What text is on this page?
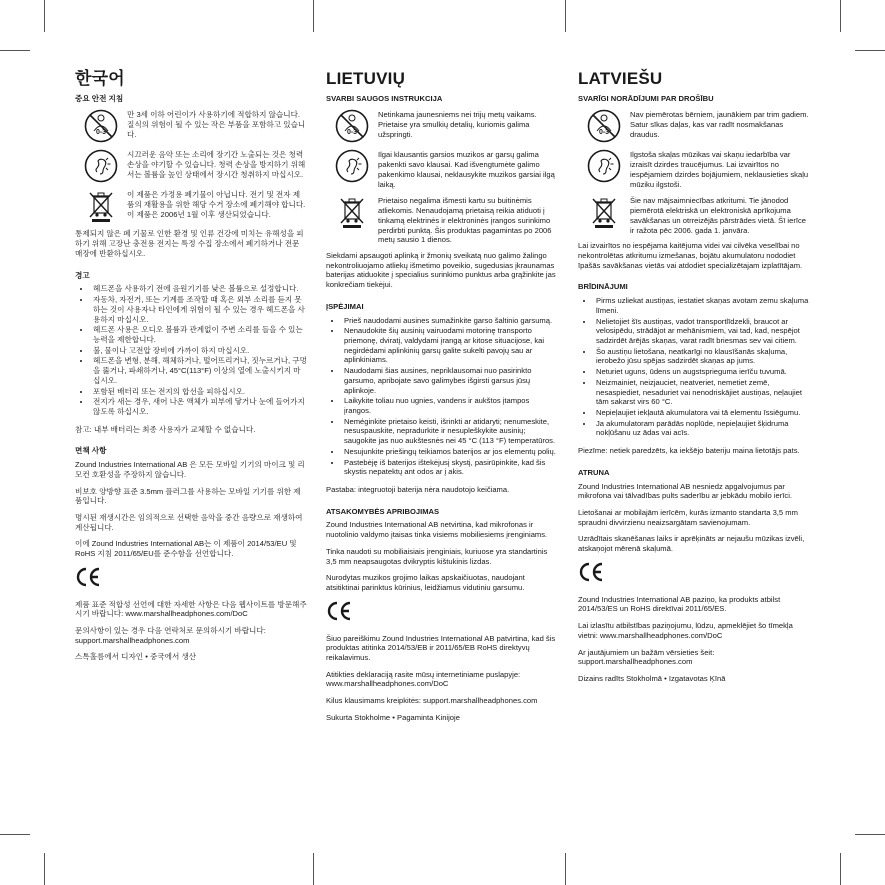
한국어
중요 안전 지침
0-3
만 3세 이하 어린이가 사용하기에 적합하지 않습니다. 질식의 위험이 될 수 있는 작은 부품을 포함하고 있습니다.
시끄러운 음악 또는 소리에 장기간 노출되는 것은 청력 손상을 야기할 수 있습니다. 청력 손상을 방지하기 위해서는 볼륨을 높인 상태에서 장시간 청취하지 마십시오.
이 제품은 가정용 폐기물이 아닙니다. 전기 및 전자 제품의 재활용을 위한 해당 수거 장소에 폐기해야 합니다. 이 제품은 2006년 1월 이후 생산되었습니다.

통제되지 않은 폐 기물로 인한 환경 및 인류 건강에 미치는 유해성을 피하기 위해 고장난 충전용 전지는 특정 수집 장소에서 폐기하거나 전문 매장에 반환하십시오.

경고
• 헤드폰을 사용하기 전에 음원기기를 낮은 볼륨으로 설정합니다.
• 자동차, 자전거, 또는 기계를 조작할 때 혹은 외부 소리를 듣지 못하는 것이 사용자나 타인에게 위험이 될 수 있는 경우 헤드폰을 사용하지 마십시오.
• 헤드폰 사용은 오디오 볼륨과 관계없이 주변 소리를 들을 수 있는 능력을 제한합니다.
• 불, 물이나 고전압 장비에 가까이 하지 마십시오.
• 헤드폰을 변형, 분해, 해체하거나, 떨어뜨리거나, 짓누르거나, 구멍을 뚫거나, 파쇄하거나, 45°C(113°F) 이상의 열에 노출시키지 마십시오.
• 포함된 배터리 또는 전지의 합선을 피하십시오.
• 전지가 새는 경우, 새어 나온 액체가 피부에 닿거나 눈에 들어가지 않도록 하십시오.

참고: 내부 배터리는 최종 사용자가 교체할 수 없습니다.

면책 사항

Zound Industries International AB 은 모든 모바일 기기의 마이크 및 리모컨 호환성을 주장하지 않습니다.

비보호 양방향 표준 3.5mm 플러그를 사용하는 모바일 기기를 위한 제품입니다.

명시된 재생시간은 임의적으로 선택한 음악을 중간 음량으로 재생하여 계산됩니다.

이에 Zound Industries International AB는 이 제품이 2014/53/EU 및 RoHS 지침 2011/65/EU를 준수함을 선언합니다.

제품 표준 적합성 선언에 대한 자세한 사항은 다음 웹사이트를 방문해주시기 바랍니다: www.marshallheadphones.com/DoC

문의사항이 있는 경우 다음 연락처로 문의하시기 바랍니다: support.marshallheadphones.com

스톡홀름에서 디자인 • 중국에서 생산

LIETUVIŲ
SVARBI SAUGOS INSTRUKCIJA
0-3
Netinkama jaunesniems nei trijų metų vaikams. Prietaise yra smulkių detalių, kuriomis galima užspringti.
Ilgai klausantis garsios muzikos ar garsų galima pakenkti savo klausai. Kad išvengtumėte galimo pakenkimo klausai, neklausykite muzikos garsiai ilgą laiką.
Prietaiso negalima išmesti kartu su buitinėmis atliekomis. Nenaudojamą prietaisą reikia atiduoti į tinkamą elektrinės ir elektroninės įrangos surinkimo perdirbti punktą. Šis produktas pagamintas po 2006 metų sausio 1 dienos.

Siekdami apsaugoti aplinką ir žmonių sveikatą nuo galimo žalingo nekontroliuojamo atliekų išmetimo poveikio, sugedusias įkraunamas baterijas atiduokite į specialius surinkimo punktus arba grąžinkite jas konkrečiam tiekėjui.

ĮSPĖJIMAI
• Prieš naudodami ausines sumažinkite garso šaltinio garsumą.
• Nenaudokite šių ausinių vairuodami motorinę transporto priemonę, dviratį, valdydami įrangą ar kitose situacijose, kai negirdėdami aplinkinių garsų galite sukelti pavojų sau ar aplinkiniams.
• Naudodami šias ausines, nepriklausomai nuo pasirinkto garsumo, apribojate savo galimybes išgirsti garsus jūsų aplinkoje.
• Laikykite toliau nuo ugnies, vandens ir aukštos įtampos įrangos.
• Neméginkite prietaiso keisti, išrinkti ar atidaryti; nenumeskite, nesuspauskite, nepradurkite ir nesupleškykite ausinių; saugokite jas nuo aukštesnės nei 45 °C (113 °F) temperatūros.
• Nesujunkite priešingų teikiamos baterijos ar jos elementų polių.
• Pastebėję iš baterijos ištekėjusį skystį, pasirūpinkite, kad šis skystis nepatektų ant odos ar į akis.

Pastaba: integruotoji baterija nėra naudotojo keičiama.

ATSAKOMYBĖS APRIBOJIMAS

Zound Industries International AB netvirtina, kad mikrofonas ir nuotolinio valdymo įtaisas tinka visiems mobiliesiems įrenginiams.

Tinka naudoti su mobiliaisiais įrenginiais, kuriuose yra standartinis 3,5 mm neapsaugotas dvikryptis kištukinis lizdas.

Nurodytas muzikos grojimo laikas apskaičiuotas, naudojant atsitiktinai parinktus kūrinius, leidžiamus vidutiniu garsumu.

Šiuo pareiškimu Zound Industries International AB patvirtina, kad šis produktas atitinka 2014/53/EB ir 2011/65/EB RoHS direktyvų reikalavimus.

Atitikties deklaraciją rasite mūsų internetiniame puslapyje: www.marshallheadphones.com/DoC

Kilus klausimams kreipkitės: support.marshallheadphones.com

Sukurta Stokholme • Pagaminta Kinijoje

LATVIEŠU
SVARĪGI NORĀDĪJUMI PAR DROŠĪBU
0-3
Nav piemērotas bērniem, jaunākiem par trim gadiem. Satur sīkas daļas, kas var radīt nosmakšanas draudus.
Ilgstoša skaļas mūzikas vai skaņu iedarbība var izraisīt dzirdes traucējumus. Lai izvairītos no iespējamiem dzirdes bojājumiem, neklausieties skaļu mūziku ilgstoši.
Šie nav mājsaimniecības atkritumi. Tie jānodod piemērotā elektriskā un elektroniskā aprīkojuma savākšanas un otrreizējās pārstrādes vietā. Šī ierīce ir ražota pēc 2006. gada 1. janvāra.

Lai izvairītos no iespējama kaitējuma videi vai cilvēka veselībai no nekontrolētas atkritumu izmešanas, bojātu akumulatoru nododiet īpašās savākšanas vietās vai atdodiet specializētajam izplatītājam.

BRĪDINĀJUMI
• Pirms uzliekat austiņas, iestatiet skaņas avotam zemu skaļuma līmeni.
• Nelietojiet šīs austiņas, vadot transportlīdzekli, braucot ar velosipēdu, strādājot ar mehānismiem, vai tad, kad, nespējot sadzirdēt ārējās skaņas, varat radīt briesmas sev vai citiem.
• Šo austiņu lietošana, neatkarīgi no klausīšanās skaļuma, ierobežo jūsu spējas sadzirdēt skaņas ap jums.
• Neturiet uguns, ūdens un augstsprieguma ierīču tuvumā.
• Neizmainiet, neizjauciet, neatveriet, nemetiet zemē, nesaspiediet, nesaduriet vai nenodriskājiet austiņas, neļaujiet tām sakarst virs 60 °C.
• Nepieļaujiet iekļautā akumulatora vai tā elementu īssiēgumu.
• Ja akumulatoram parādās noplūde, nepieļaujiet šķidruma nokļūšanu uz ādas vai acīs.

Piezīme: netiek paredzēts, ka iekšējo bateriju maina lietotājs pats.

ATRUNA

Zound Industries International AB nesniedz apgalvojumus par mikrofona vai tālvadības pults saderību ar jebkādu mobilo ierīci.

Lietošanai ar mobilajām ierīcēm, kurās izmanto standarta 3,5 mm spraudni divvirzienu neaizsargātam savienojumam.

Uzrādītais skanēšanas laiks ir aprēķināts ar nejaušu mūzikas izvēli, atskaņojot mērenā skaļumā.

Zound Industries International AB paziņo, ka produkts atbilst 2014/53/ES un RoHS direktīvai 2011/65/ES.

Lai izlasītu atbilstības paziņojumu, lūdzu, apmeklējiet šo tīmekļa vietni: www.marshallheadphones.com/DoC

Ar jautājumiem un bažām vērsieties šeit: support.marshallheadphones.com

Dizains radīts Stokholmā • Izgatavotas Ķīnā
